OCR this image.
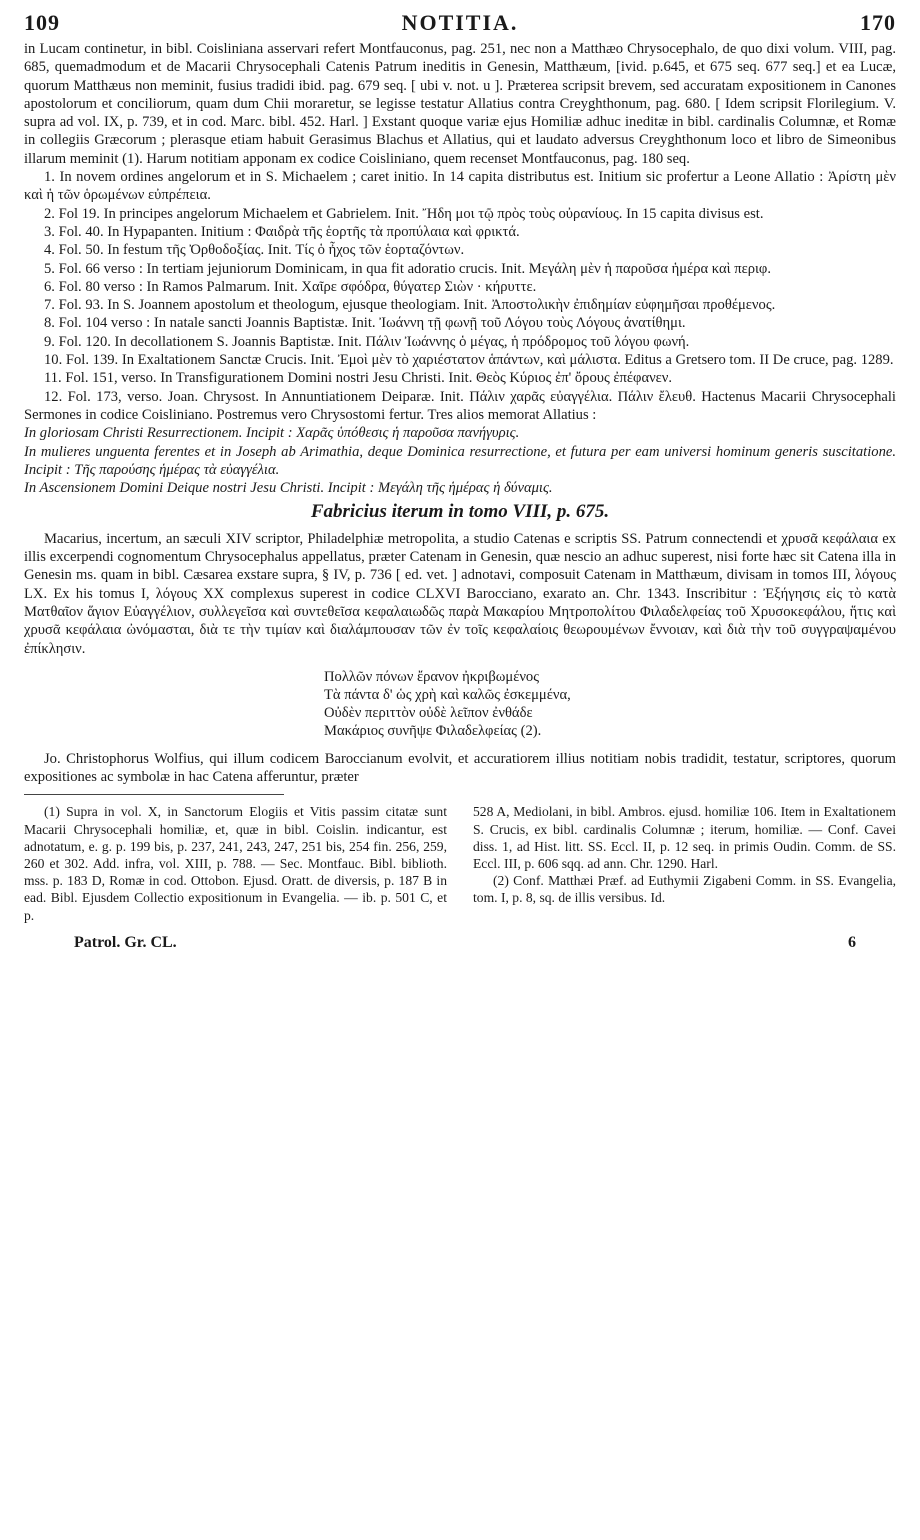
109	NOTITIA.	170

in Lucam continetur, in bibl. Coisliniana asservari refert Montfauconus, pag. 251, nec non a Matthæo Chrysocephalo, de quo dixi volum. VIII, pag. 685, quemadmodum et de Macarii Chrysocephali Catenis Patrum ineditis in Genesin, Matthæum, [ivid. p.645, et 675 seq. 677 seq.] et ea Lucæ, quorum Matthæus non meminit, fusius tradidi ibid. pag. 679 seq. [ ubi v. not. u ]. Præterea scripsit brevem, sed accuratam expositionem in Canones apostolorum et conciliorum, quam dum Chii moraretur, se legisse testatur Allatius contra Creyghthonum, pag. 680. [ Idem scripsit Florilegium. V. supra ad vol. IX, p. 739, et in cod. Marc. bibl. 452. Harl. ] Exstant quoque variæ ejus Homiliæ adhuc ineditæ in bibl. cardinalis Columnæ, et Romæ in collegiis Græcorum ; plerasque etiam habuit Gerasimus Blachus et Allatius, qui et laudato adversus Creyghthonum loco et libro de Simeonibus illarum meminit (1). Harum notitiam apponam ex codice Coisliniano, quem recenset Montfauconus, pag. 180 seq.

1. In novem ordines angelorum et in S. Michaelem ; caret initio. In 14 capita distributus est. Initium sic profertur a Leone Allatio : Ἀρίστη μὲν καὶ ἡ τῶν ὁρωμένων εὐπρέπεια.

2. Fol 19. In principes angelorum Michaelem et Gabrielem. Init. Ἤδη μοι τῷ πρὸς τοὺς οὐρανίους. In 15 capita divisus est.

3. Fol. 40. In Hypapanten. Initium : Φαιδρὰ τῆς ἑορτῆς τὰ προπύλαια καὶ φρικτά.

4. Fol. 50. In festum τῆς Ὀρθοδοξίας. Init. Τίς ὁ ἦχος τῶν ἑορταζόντων.

5. Fol. 66 verso : In tertiam jejuniorum Dominicam, in qua fit adoratio crucis. Init. Μεγάλη μὲν ἡ παροῦσα ἡμέρα καὶ περιφ.

6. Fol. 80 verso : In Ramos Palmarum. Init. Χαῖρε σφόδρα, θύγατερ Σιὼν · κήρυττε.

7. Fol. 93. In S. Joannem apostolum et theologum, ejusque theologiam. Init. Ἀποστολικὴν ἐπιδημίαν εὐφημῆσαι προθέμενος.

8. Fol. 104 verso : In natale sancti Joannis Baptistæ. Init. Ἰωάννη τῇ φωνῇ τοῦ Λόγου τοὺς Λόγους ἀνατίθημι.

9. Fol. 120. In decollationem S. Joannis Baptistæ. Init. Πάλιν Ἰωάννης ὁ μέγας, ἡ πρόδρομος τοῦ λόγου φωνή.

10. Fol. 139. In Exaltationem Sanctæ Crucis. Init. Ἐμοὶ μὲν τὸ χαριέστατον ἁπάντων, καὶ μάλιστα. Editus a Gretsero tom. II De cruce, pag. 1289.

11. Fol. 151, verso. In Transfigurationem Domini nostri Jesu Christi. Init. Θεὸς Κύριος ἐπ' ὄρους ἐπέφανεν.

12. Fol. 173, verso. Joan. Chrysost. In Annuntiationem Deiparæ. Init. Πάλιν χαρᾶς εὐαγγέλια. Πάλιν ἔλευθ. Hactenus Macarii Chrysocephali Sermones in codice Coisliniano. Postremus vero Chrysostomi fertur. Tres alios memorat Allatius :

In gloriosam Christi Resurrectionem. Incipit : Χαρᾶς ὑπόθεσις ἡ παροῦσα πανήγυρις.

In mulieres unguenta ferentes et in Joseph ab Arimathia, deque Dominica resurrectione, et futura per eam universi hominum generis suscitatione. Incipit : Τῆς παρούσης ἡμέρας τὰ εὐαγγέλια.

In Ascensionem Domini Deique nostri Jesu Christi. Incipit : Μεγάλη τῆς ἡμέρας ἡ δύναμις.

Fabricius iterum in tomo VIII, p. 675.

Macarius, incertum, an sæculi XIV scriptor, Philadelphiæ metropolita, a studio Catenas e scriptis SS. Patrum connectendi et χρυσᾶ κεφάλαια ex illis excerpendi cognomentum Chrysocephalus appellatus, præter Catenam in Genesin, quæ nescio an adhuc superest, nisi forte hæc sit Catena illa in Genesin ms. quam in bibl. Cæsarea exstare supra, § IV, p. 736 [ ed. vet. ] adnotavi, composuit Catenam in Matthæum, divisam in tomos III, λόγους LX. Ex his tomus I, λόγους XX complexus superest in codice CLXVI Barocciano, exarato an. Chr. 1343. Inscribitur : Ἐξήγησις εἰς τὸ κατὰ Ματθαῖον ἅγιον Εὐαγγέλιον, συλλεγεῖσα καὶ συντεθεῖσα κεφαλαιωδῶς παρὰ Μακαρίου Μητροπολίτου Φιλαδελφείας τοῦ Χρυσοκεφάλου, ἥτις καὶ χρυσᾶ κεφάλαια ὠνόμασται, διὰ τε τὴν τιμίαν καὶ διαλάμπουσαν τῶν ἐν τοῖς κεφαλαίοις θεωρουμένων ἔννοιαν, καὶ διὰ τὴν τοῦ συγγραψαμένου ἐπίκλησιν.

Πολλῶν πόνων ἔρανον ἠκριβωμένος
Τὰ πάντα δ' ὡς χρὴ καὶ καλῶς ἐσκεμμένα,
Οὐδὲν περιττὸν οὐδὲ λεῖπον ἐνθάδε
Μακάριος συνῆψε Φιλαδελφείας (2).

Jo. Christophorus Wolfius, qui illum codicem Baroccianum evolvit, et accuratiorem illius notitiam nobis tradidit, testatur, scriptores, quorum expositiones ac symbolæ in hac Catena afferuntur, præter

(1) Supra in vol. X, in Sanctorum Elogiis et Vitis passim citatæ sunt Macarii Chrysocephali homiliæ, et, quæ in bibl. Coislin. indicantur, est adnotatum, e. g. p. 199 bis, p. 237, 241, 243, 247, 251 bis, 254 fin. 256, 259, 260 et 302. Add. infra, vol. XIII, p. 788. — Sec. Montfauc. Bibl. biblioth. mss. p. 183 D, Romæ in cod. Ottobon. Ejusd. Oratt. de diversis, p. 187 B in ead. Bibl. Ejusdem Collectio expositionum in Evangelia. — ib. p. 501 C, et p.

528 A, Mediolani, in bibl. Ambros. ejusd. homiliæ 106. Item in Exaltationem S. Crucis, ex bibl. cardinalis Columnæ ; iterum, homiliæ. — Conf. Cavei diss. 1, ad Hist. litt. SS. Eccl. II, p. 12 seq. in primis Oudin. Comm. de SS. Eccl. III, p. 606 sqq. ad ann. Chr. 1290. Harl.

(2) Conf. Matthæi Præf. ad Euthymii Zigabeni Comm. in SS. Evangelia, tom. I, p. 8, sq. de illis versibus. Id.

Patrol. Gr. CL.	6
